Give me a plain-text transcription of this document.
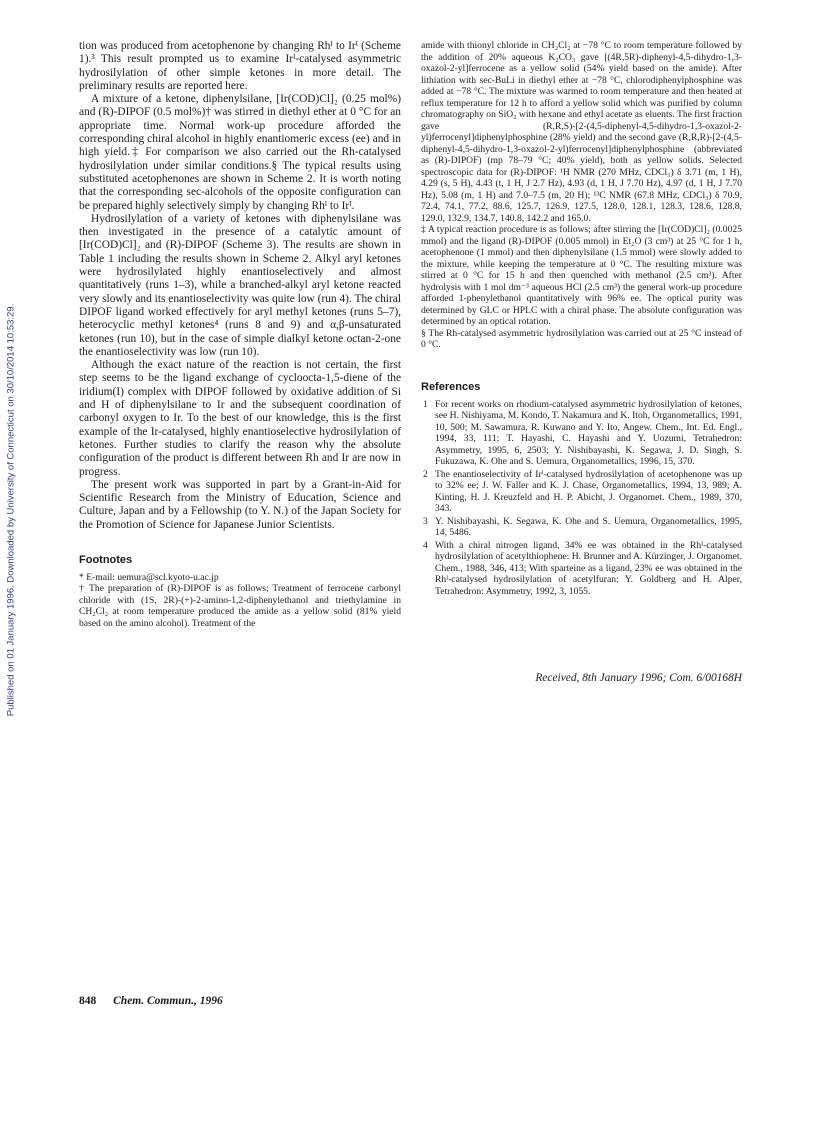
Published on 01 January 1996. Downloaded by University of Connecticut on 30/10/2014 10:53:29.

tion was produced from acetophenone by changing Rhᴵ to Irᴵ (Scheme 1).³ This result prompted us to examine Irᴵ-catalysed asymmetric hydrosilylation of other simple ketones in more detail. The preliminary results are reported here.

A mixture of a ketone, diphenylsilane, [Ir(COD)Cl]₂ (0.25 mol%) and (R)-DIPOF (0.5 mol%)† was stirred in diethyl ether at 0 °C for an appropriate time. Normal work-up procedure afforded the corresponding chiral alcohol in highly enantiomeric excess (ee) and in high yield.‡ For comparison we also carried out the Rh-catalysed hydrosilylation under similar conditions.§ The typical results using substituted acetophenones are shown in Scheme 2. It is worth noting that the corresponding sec-alcohols of the opposite configuration can be prepared highly selectively simply by changing Rhᴵ to Irᴵ.

Hydrosilylation of a variety of ketones with diphenylsilane was then investigated in the presence of a catalytic amount of [Ir(COD)Cl]₂ and (R)-DIPOF (Scheme 3). The results are shown in Table 1 including the results shown in Scheme 2. Alkyl aryl ketones were hydrosilylated highly enantioselectively and almost quantitatively (runs 1–3), while a branched-alkyl aryl ketone reacted very slowly and its enantioselectivity was quite low (run 4). The chiral DIPOF ligand worked effectively for aryl methyl ketones (runs 5–7), heterocyclic methyl ketones⁴ (runs 8 and 9) and α,β-unsaturated ketones (run 10), but in the case of simple dialkyl ketone octan-2-one the enantioselectivity was low (run 10).

Although the exact nature of the reaction is not certain, the first step seems to be the ligand exchange of cycloocta-1,5-diene of the iridium(I) complex with DIPOF followed by oxidative addition of Si and H of diphenylsilane to Ir and the subsequent coordination of carbonyl oxygen to Ir. To the best of our knowledge, this is the first example of the Ir-catalysed, highly enantioselective hydrosilylation of ketones. Further studies to clarify the reason why the absolute configuration of the product is different between Rh and Ir are now in progress.

The present work was supported in part by a Grant-in-Aid for Scientific Research from the Ministry of Education, Science and Culture, Japan and by a Fellowship (to Y. N.) of the Japan Society for the Promotion of Science for Japanese Junior Scientists.

Footnotes

* E-mail: uemura@scl.kyoto-u.ac.jp

† The preparation of (R)-DIPOF is as follows; Treatment of ferrocene carbonyl chloride with (1S, 2R)-(+)-2-amino-1,2-diphenylethanol and triethylamine in CH₂Cl₂ at room temperature produced the amide as a yellow solid (81% yield based on the amino alcohol). Treatment of the

amide with thionyl chloride in CH₂Cl₂ at −78 °C to room temperature followed by the addition of 20% aqueous K₂CO₃ gave [(4R,5R)-diphenyl-4,5-dihydro-1,3-oxazol-2-yl]ferrocene as a yellow solid (54% yield based on the amide). After lithiation with sec-BuLi in diethyl ether at −78 °C, chlorodiphenylphosphine was added at −78 °C. The mixture was warmed to room temperature and then heated at reflux temperature for 12 h to afford a yellow solid which was purified by column chromatography on SiO₂ with hexane and ethyl acetate as eluents. The first fraction gave (R,R,S)-[2-(4,5-diphenyl-4,5-dihydro-1,3-oxazol-2-yl)ferrocenyl]diphenylphosphine (28% yield) and the second gave (R,R,R)-[2-(4,5-diphenyl-4,5-dihydro-1,3-oxazol-2-yl)ferrocenyl]diphenylphosphine (abbreviated as (R)-DIPOF) (mp 78–79 °C; 40% yield), both as yellow solids. Selected spectroscopic data for (R)-DIPOF: ¹H NMR (270 MHz, CDCl₃) δ 3.71 (m, 1 H), 4.29 (s, 5 H), 4.43 (t, 1 H, J 2.7 Hz), 4.93 (d, 1 H, J 7.70 Hz), 4.97 (d, 1 H, J 7.70 Hz), 5.08 (m, 1 H) and 7.0–7.5 (m, 20 H); ¹³C NMR (67.8 MHz, CDCl₃) δ 70.9, 72.4, 74.1, 77.2, 88.6, 125.7, 126.9, 127.5, 128.0, 128.1, 128.3, 128.6, 128.8, 129.0, 132.9, 134.7, 140.8, 142.2 and 165.0.

‡ A typical reaction procedure is as follows; after stirring the [Ir(COD)Cl]₂ (0.0025 mmol) and the ligand (R)-DIPOF (0.005 mmol) in Et₂O (3 cm³) at 25 °C for 1 h, acetophenone (1 mmol) and then diphenylsilane (1.5 mmol) were slowly added to the mixture, while keeping the temperature at 0 °C. The resulting mixture was stirred at 0 °C for 15 h and then quenched with methanol (2.5 cm³). After hydrolysis with 1 mol dm⁻³ aqueous HCl (2.5 cm³) the general work-up procedure afforded 1-phenylethanol quantitatively with 96% ee. The optical purity was determined by GLC or HPLC with a chiral phase. The absolute configuration was determined by an optical rotation.

§ The Rh-catalysed asymmetric hydrosilylation was carried out at 25 °C instead of 0 °C.

References
1 For recent works on rhodium-catalysed asymmetric hydrosilylation of ketones, see H. Nishiyama, M. Kondo, T. Nakamura and K. Itoh, Organometallics, 1991, 10, 500; M. Sawamura, R. Kuwano and Y. Ito, Angew. Chem., Int. Ed. Engl., 1994, 33, 111; T. Hayashi, C. Hayashi and Y. Uozumi, Tetrahedron: Asymmetry, 1995, 6, 2503; Y. Nishibayashi, K. Segawa, J. D. Singh, S. Fukuzawa, K. Ohe and S. Uemura, Organometallics, 1996, 15, 370.
2 The enantioselectivity of Irᴵ-catalysed hydrosilylation of acetophenone was up to 32% ee; J. W. Faller and K. J. Chase, Organometallics, 1994, 13, 989; A. Kinting, H. J. Kreuzfeld and H. P. Abicht, J. Organomet. Chem., 1989, 370, 343.
3 Y. Nishibayashi, K. Segawa, K. Ohe and S. Uemura, Organometallics, 1995, 14, 5486.
4 With a chiral nitrogen ligand, 34% ee was obtained in the Rhᴵ-catalysed hydrosilylation of acetylthiophene: H. Brunner and A. Kürzinger, J. Organomet. Chem., 1988, 346, 413; With sparteine as a ligand, 23% ee was obtained in the Rhᴵ-catalysed hydrosilylation of acetylfuran: Y. Goldberg and H. Alper, Tetrahedron: Asymmetry, 1992, 3, 1055.
Received, 8th January 1996; Com. 6/00168H
848 Chem. Commun., 1996
